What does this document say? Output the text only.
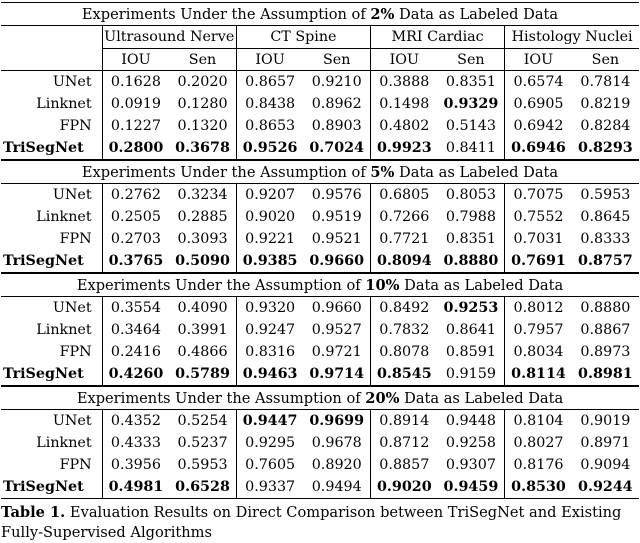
Experiments Under the Assumption of 2% Data as Labeled Data								
	Ultrasound Nerve		CT Spine		MRI Cardiac		Histology Nuclei	
	IOU	Sen	IOU	Sen	IOU	Sen	IOU	Sen
UNet	0.1628	0.2020	0.8657	0.9210	0.3888	0.8351	0.6574	0.7814
Linknet	0.0919	0.1280	0.8438	0.8962	0.1498	0.9329	0.6905	0.8219
FPN	0.1227	0.1320	0.8653	0.8903	0.4802	0.5143	0.6942	0.8284
TriSegNet	0.2800	0.3678	0.9526	0.7024	0.9923	0.8411	0.6946	0.8293
Experiments Under the Assumption of 5% Data as Labeled Data								
UNet	0.2762	0.3234	0.9207	0.9576	0.6805	0.8053	0.7075	0.5953
Linknet	0.2505	0.2885	0.9020	0.9519	0.7266	0.7988	0.7552	0.8645
FPN	0.2703	0.3093	0.9221	0.9521	0.7721	0.8351	0.7031	0.8333
TriSegNet	0.3765	0.5090	0.9385	0.9660	0.8094	0.8880	0.7691	0.8757
Experiments Under the Assumption of 10% Data as Labeled Data								
UNet	0.3554	0.4090	0.9320	0.9660	0.8492	0.9253	0.8012	0.8880
Linknet	0.3464	0.3991	0.9247	0.9527	0.7832	0.8641	0.7957	0.8867
FPN	0.2416	0.4866	0.8316	0.9721	0.8078	0.8591	0.8034	0.8973
TriSegNet	0.4260	0.5789	0.9463	0.9714	0.8545	0.9159	0.8114	0.8981
Experiments Under the Assumption of 20% Data as Labeled Data								
UNet	0.4352	0.5254	0.9447	0.9699	0.8914	0.9448	0.8104	0.9019
Linknet	0.4333	0.5237	0.9295	0.9678	0.8712	0.9258	0.8027	0.8971
FPN	0.3956	0.5953	0.7605	0.8920	0.8857	0.9307	0.8176	0.9094
TriSegNet	0.4981	0.6528	0.9337	0.9494	0.9020	0.9459	0.8530	0.9244
Table 1. Evaluation Results on Direct Comparison between TriSegNet and Existing Fully-Supervised Algorithms
